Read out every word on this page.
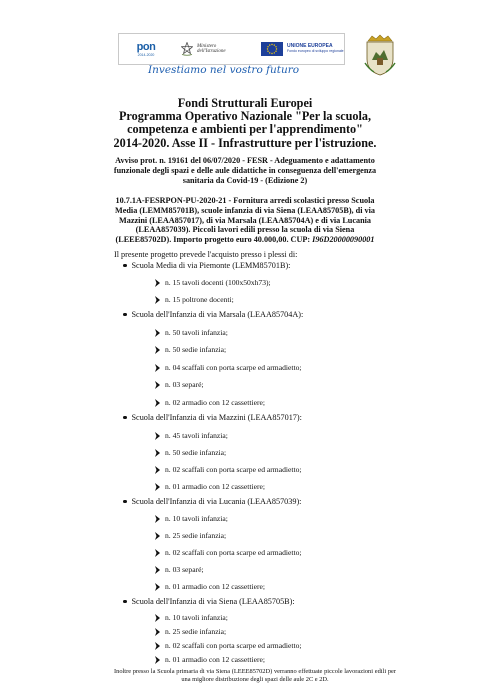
pon
2014-2020
Ministero dell'Istruzione
UNIONE EUROPEA
Fondo europeo di sviluppo regionale
Investiamo nel vostro futuro
Fondi Strutturali Europei
Programma Operativo Nazionale "Per la scuola,
competenza e ambienti per l'apprendimento"
2014-2020. Asse II - Infrastrutture per l'istruzione.
Avviso prot. n. 19161 del 06/07/2020 - FESR - Adeguamento e adattamento
funzionale degli spazi e delle aule didattiche in conseguenza dell'emergenza
sanitaria da Covid-19 - (Edizione 2)
10.7.1A-FESRPON-PU-2020-21 - Fornitura arredi scolastici presso Scuola
Media (LEMM85701B), scuole infanzia di via Siena (LEAA85705B), di via
Mazzini (LEAA857017), di via Marsala (LEAA85704A) e di via Lucania
(LEAA857039). Piccoli lavori edili presso la scuola di via Siena
(LEEE85702D). Importo progetto euro 40.000,00. CUP: I96D20000090001
Il presente progetto prevede l'acquisto presso i plessi di:
Scuola Media di via Piemonte (LEMM85701B):
n. 15 tavoli docenti (100x50xh73);
n. 15 poltrone docenti;
Scuola dell'Infanzia di via Marsala (LEAA85704A):
n. 50 tavoli infanzia;
n. 50 sedie infanzia;
n. 04 scaffali con porta scarpe ed armadietto;
n. 03 separé;
n. 02 armadio con 12 cassettiere;
Scuola dell'Infanzia di via Mazzini (LEAA857017):
n. 45 tavoli infanzia;
n. 50 sedie infanzia;
n. 02 scaffali con porta scarpe ed armadietto;
n. 01 armadio con 12 cassettiere;
Scuola dell'Infanzia di via Lucania (LEAA857039):
n. 10 tavoli infanzia;
n. 25 sedie infanzia;
n. 02 scaffali con porta scarpe ed armadietto;
n. 03 separé;
n. 01 armadio con 12 cassettiere;
Scuola dell'Infanzia di via Siena (LEAA85705B):
n. 10 tavoli infanzia;
n. 25 sedie infanzia;
n. 02 scaffali con porta scarpe ed armadietto;
n. 01 armadio con 12 cassettiere;
Inoltre presso la Scuola primaria di via Siena (LEEE85702D) verranno effettuate piccole lavorazioni edili per una migliore distribuzione degli spazi delle aule 2C e 2D.
